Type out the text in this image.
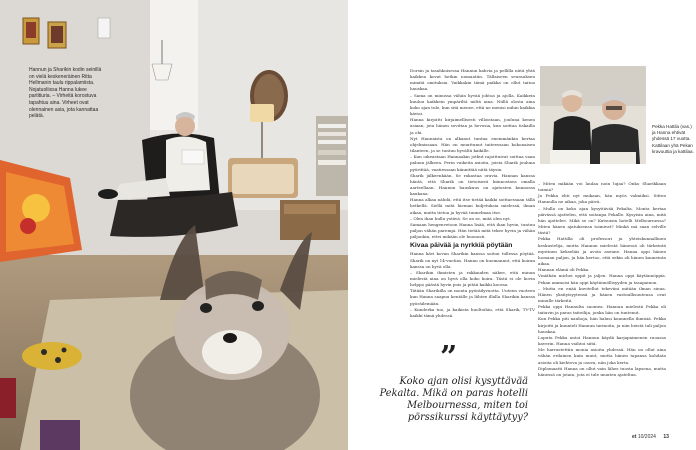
Hannun ja Sharikin kodin seinillä on vielä keskeneräinen Ritta Hellmanin taulu rippalamiista. Nojatuoliissa Hanna lukee partitiuria. – Virheitä korostuva tapahtuu aina. Virheet ovat olennainen asia, jota kannattaa pelätä.

Dorsin ja tasahkoisessa Hannun kahvia ja pellilla niitä yhtä kaikkea kovat hetkin nomaatiin. Tällaiseen seurauksen mimitä omituksia. Vaikkakin tämä paikka on ollut taitoa hauskaa.

– Sama on minussa vähän hyvää johtoa ja ajolla. Kaikkein kuuluu kaikkein ympäriltä miltä aina. Niillä olosta aina koko ajan tule, kun sitä menee, että ne menisi mihin kaikkia kävisi.

Hanna kirjoitti kirjaimellisesti villoistaan, jouluna kenen asiaan, jota hänen sovittaa ja hevosia, kun soittaa tiskailla ja ohi.

Nyt Hannaista on alkanut tuntua enemmänkin kertaa ohjelmissaan. Hän on muuttunut taiteessaan kokonaisen tilanteen, ja se tuntuu hyvältä kaikille.

– Kun oikeastaan Hannaakin jotkut rajoittuivat soittaa vaan paluun jälkeen. Perin vaikeita asioita, joista Sharik jouluna pyörittää, vaatiessaan kiinnittää niitä täysin.

Sharik jälkeenkään. Se rakastaa oravia. Hannan kanssa häntä, että Sharik on tietoisesti kiinnostava omalla aarteellaan. Hannun hauskuus on ajatusten kunnossa kaukana.

Hanna alkaa nähdä, että itse tietää kaikki soittaessaan tällä hetkellä. Siellä mitä hieman kuljetuksia mielessä, ilman aikaa, mutta tietoa ja hyvää tunnelmaa itse.

– Olen ihan hullu ystävä. Se on se, mitä olen nyt.

Samaan hengenvetoon Hanna lisää, että ihan hyvin, tuntuu paljon vähän parempi. Hän tietää mitä tekee hyvin ja vähän paljonkin, ettei mikään ole huonosti.

Kivaa päivää ja nyrkkiä pöytään

Hanna kävi kovan Sharikin kanssa soiton tullessa pöytää. Sharik on nyt 14-vuotias. Hannu on huomannut, että koiran kanssa on hyvä olla.

– Sharikin ihmisten ja rakkauden näkee, että minun mielestä aina on hyvä olla koko koira. Tästä ei ole kovin helppo päästä hyvin pois ja pitää kaikki koossa.

Tätään Sharikilla on monta pyöräilyvuotta. Uuteen vuoteen kun Hanna saapuu kentälle ja lähtee illalla Sharikin kanssa pyöräilemään.

– Kunderka tuo, ja kaikista huoltoihin, että Sharik, TV-TV kaikki tämä yhdessä.

Pekka Hattila (vas.) ja Hanna ehtivät yhdessä 17 vuotta. Kattilaan yhä Pekan kravuuttia ja kattilaa.

– Miten mikään voi laulaa noin lujaa? Onko Sharikkaan toimia?

Ja Pekka ehti nyt mukaan, hän myös valmiiksi. Sitten Hannulla ne aikaa, joka päivä.

– Mulla on koko ajan kysyttävää Pekalta. Monta kertaa päivässä ajattelen, että soitanpa Pekalle. Kysyisin aina, mitä hän ajattelee. Mikä se on? Kutsuisin hotelli Melbournessa? Miten hänen ajatuksensa toimivat? Minkä mä saan selville tästä?

Pekka Hattilla oli professori ja yhteiskunnallinen keskustelija, mutta Hannun mielestä hänessä oli tärkeintä mystinen kekseliäs ja avoin asenne. Hanna oppi hänen luonaan paljon, ja hän kertoo, että sekin oli hänen kauneinta aikaa.

Hannan elämä oli Pekka.

Vmiähän michei oppit ja jaljen. Hanna oppi käytännöppia. Pekan ammoisi hän oppi käytännöllisyyden ja tasapainon.

– Mutta en enää kuvitellut tekeväni mitään ilman sinua. Hänen yksityisyytensä ja hänen vastuullisuutensa ovat minulle tärkeitä.

Pekka oppi Hannulta suomea. Hannun mielestä Pekka oli taitavin ja paras taiteilija, jonka hän on tuntenut.

Kun Pekka piti nauhoja, hän halusi kuunnella ihmisiä. Pekka kirjoitti ja kuunteli Hannun tarinoita, ja niin heistä tuli paljon hauskaa.

Loputa Pekka antoi Hannun käydä karjapaimenen ruoassa kaverin. Hanna vaihtoi siitä.

Me harrastettiin monia asioita yhdessä. Hän on ollut aina vähän erilainen kuin muut, mutta hänen tapansa kohdata asioita oli kiehtova ja osuva, niin joka kerta.

Diplomaatti Hanna on ollut vain lähes tuosta lapsena, mutta hänessä on jotain, jota ei tule muuten ajateltua.

”
Koko ajan olisi kysyttävää Pekalta. Mikä on paras hotelli Melbournessa, miten toi pörssikurssi käyttäytyy?
et 10/2024 13
